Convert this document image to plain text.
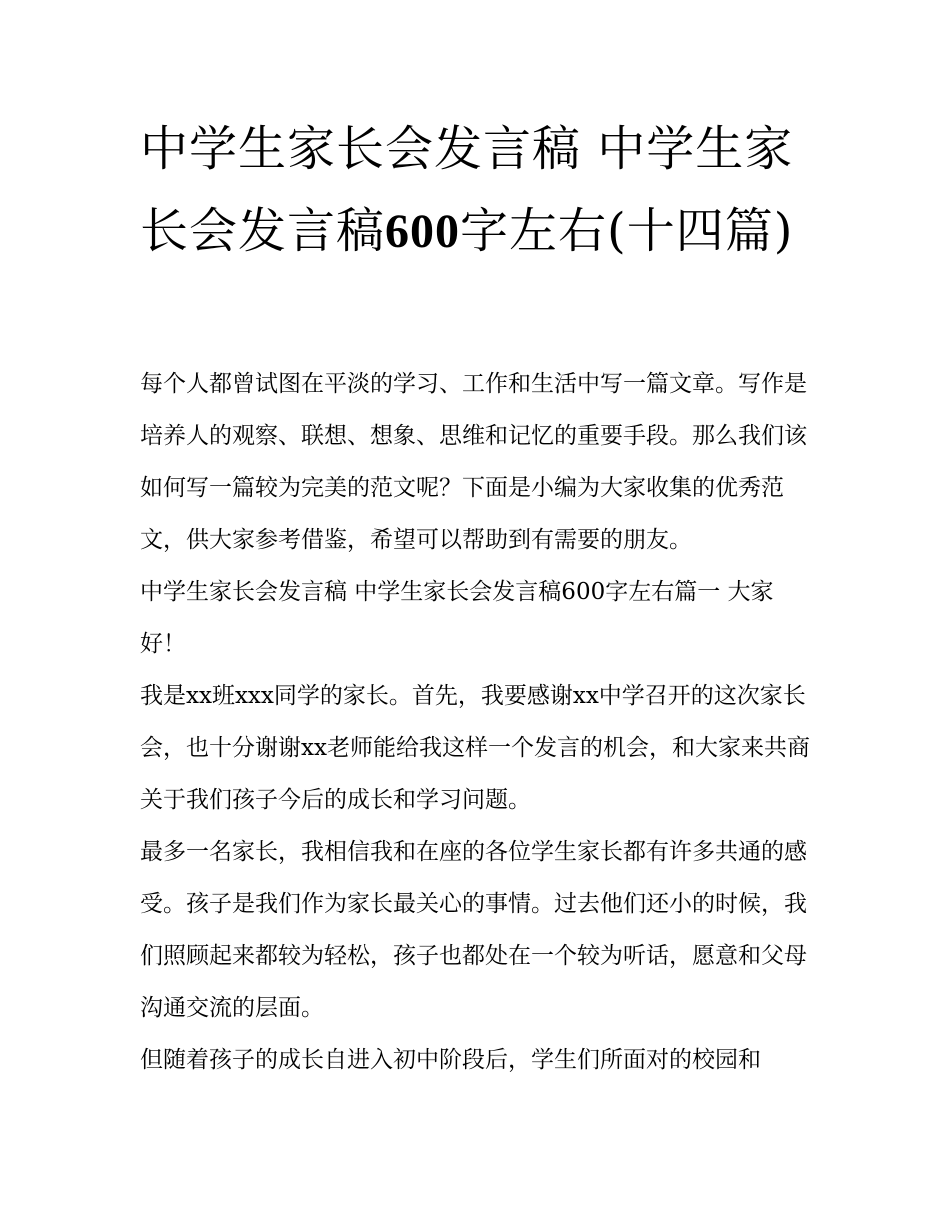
中学生家长会发言稿 中学生家长会发言稿600字左右(十四篇)

每个人都曾试图在平淡的学习、工作和生活中写一篇文章。写作是培养人的观察、联想、想象、思维和记忆的重要手段。那么我们该如何写一篇较为完美的范文呢？下面是小编为大家收集的优秀范文，供大家参考借鉴，希望可以帮助到有需要的朋友。

中学生家长会发言稿 中学生家长会发言稿600字左右篇一 大家好！

我是xx班xxx同学的家长。首先，我要感谢xx中学召开的这次家长会，也十分谢谢xx老师能给我这样一个发言的机会，和大家来共商关于我们孩子今后的成长和学习问题。

最多一名家长，我相信我和在座的各位学生家长都有许多共通的感受。孩子是我们作为家长最关心的事情。过去他们还小的时候，我们照顾起来都较为轻松，孩子也都处在一个较为听话，愿意和父母沟通交流的层面。

但随着孩子的成长自进入初中阶段后，学生们所面对的校园和
